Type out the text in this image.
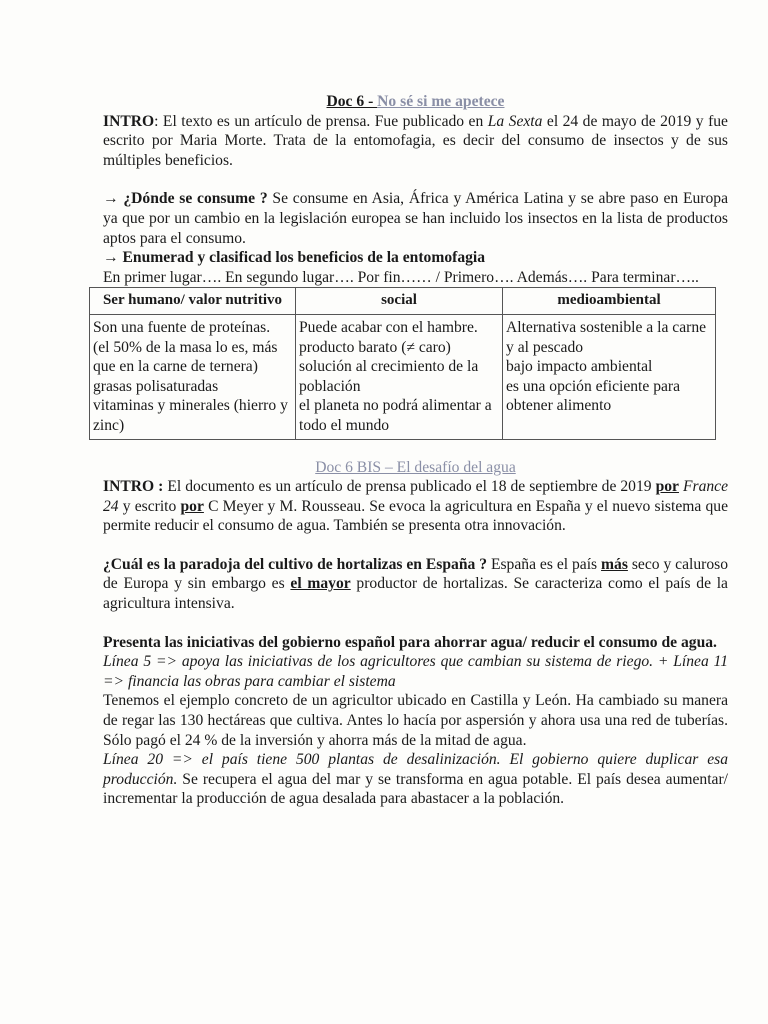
Doc 6 - No sé si me apetece

INTRO: El texto es un artículo de prensa. Fue publicado en La Sexta el 24 de mayo de 2019 y fue escrito por Maria Morte. Trata de la entomofagia, es decir del consumo de insectos y de sus múltiples beneficios.

→ ¿Dónde se consume ? Se consume en Asia, África y América Latina y se abre paso en Europa ya que por un cambio en la legislación europea se han incluido los insectos en la lista de productos aptos para el consumo.

→ Enumerad y clasificad los beneficios de la entomofagia

En primer lugar…. En segundo lugar…. Por fin…… / Primero…. Además…. Para terminar…..

Ser humano/ valor nutritivo	social	medioambiental

Son una fuente de proteínas.
(el 50% de la masa lo es, más que en la carne de ternera)
grasas polisaturadas
vitaminas y minerales (hierro y zinc)	Puede acabar con el hambre.
producto barato (≠ caro)
solución al crecimiento de la población
el planeta no podrá alimentar a todo el mundo	Alternativa sostenible a la carne y al pescado
bajo impacto ambiental
es una opción eficiente para obtener alimento

Doc 6 BIS – El desafío del agua

INTRO : El documento es un artículo de prensa publicado el 18 de septiembre de 2019 por France 24 y escrito por C Meyer y M. Rousseau. Se evoca la agricultura en España y el nuevo sistema que permite reducir el consumo de agua. También se presenta otra innovación.

¿Cuál es la paradoja del cultivo de hortalizas en España ? España es el país más seco y caluroso de Europa y sin embargo es el mayor productor de hortalizas. Se caracteriza como el país de la agricultura intensiva.

Presenta las iniciativas del gobierno español para ahorrar agua/ reducir el consumo de agua.

Línea 5 => apoya las iniciativas de los agricultores que cambian su sistema de riego. + Línea 11 => financia las obras para cambiar el sistema

Tenemos el ejemplo concreto de un agricultor ubicado en Castilla y León. Ha cambiado su manera de regar las 130 hectáreas que cultiva. Antes lo hacía por aspersión y ahora usa una red de tuberías. Sólo pagó el 24 % de la inversión y ahorra más de la mitad de agua.

Línea 20 => el país tiene 500 plantas de desalinización. El gobierno quiere duplicar esa producción. Se recupera el agua del mar y se transforma en agua potable. El país desea aumentar/ incrementar la producción de agua desalada para abastacer a la población.
